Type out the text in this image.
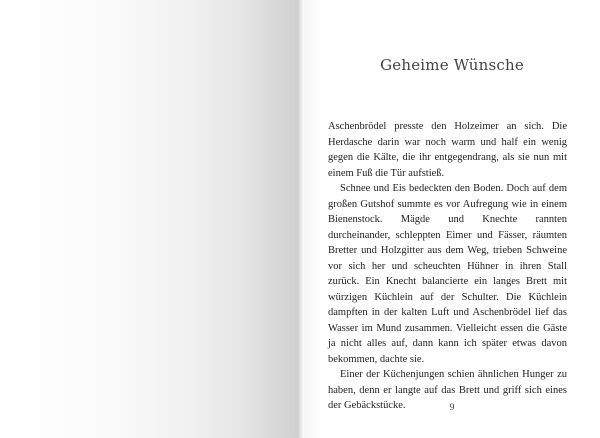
Geheime Wünsche

Aschenbrödel presste den Holzeimer an sich. Die Herdasche darin war noch warm und half ein wenig gegen die Kälte, die ihr entgegendrang, als sie nun mit einem Fuß die Tür aufstieß.

Schnee und Eis bedeckten den Boden. Doch auf dem großen Gutshof summte es vor Aufregung wie in einem Bienenstock. Mägde und Knechte rannten durcheinander, schleppten Eimer und Fässer, räumten Bretter und Holzgitter aus dem Weg, trieben Schweine vor sich her und scheuchten Hühner in ihren Stall zurück. Ein Knecht balancierte ein langes Brett mit würzigen Küchlein auf der Schulter. Die Küchlein dampften in der kalten Luft und Aschenbrödel lief das Wasser im Mund zusammen. Vielleicht essen die Gäste ja nicht alles auf, dann kann ich später etwas davon bekommen, dachte sie.

Einer der Küchenjungen schien ähnlichen Hunger zu haben, denn er langte auf das Brett und griff sich eines der Gebäckstücke.	9
